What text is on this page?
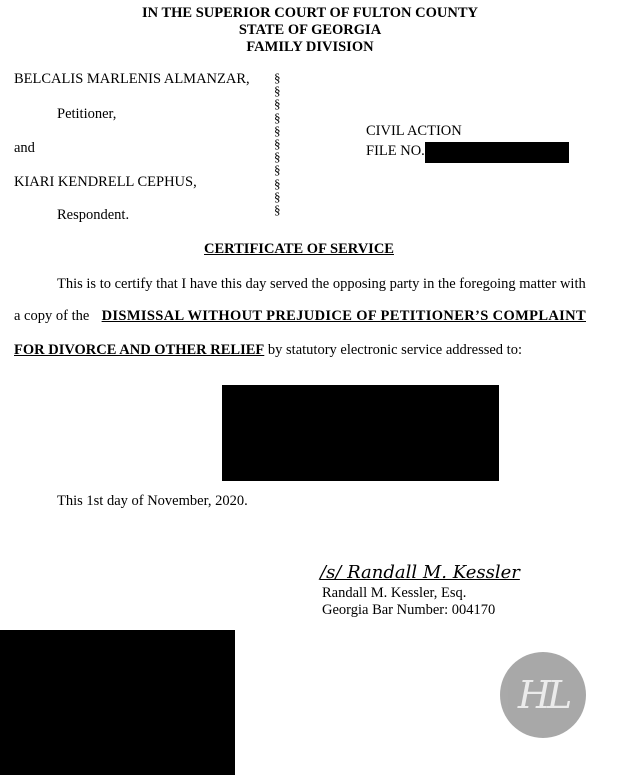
IN THE SUPERIOR COURT OF FULTON COUNTY
STATE OF GEORGIA
FAMILY DIVISION
BELCALIS MARLENIS ALMANZAR,
Petitioner,
and
KIARI KENDRELL CEPHUS,
Respondent.
§
§
§
§
§
§
§
§
§
§
§
CIVIL ACTION
FILE NO.
CERTIFICATE OF SERVICE
This is to certify that I have this day served the opposing party in the foregoing matter with
a copy of the DISMISSAL WITHOUT PREJUDICE OF PETITIONER’S COMPLAINT
FOR DIVORCE AND OTHER RELIEF by statutory electronic service addressed to:
This 1st day of November, 2020.
/s/ Randall M. Kessler
Randall M. Kessler, Esq.
Georgia Bar Number: 004170
HL
